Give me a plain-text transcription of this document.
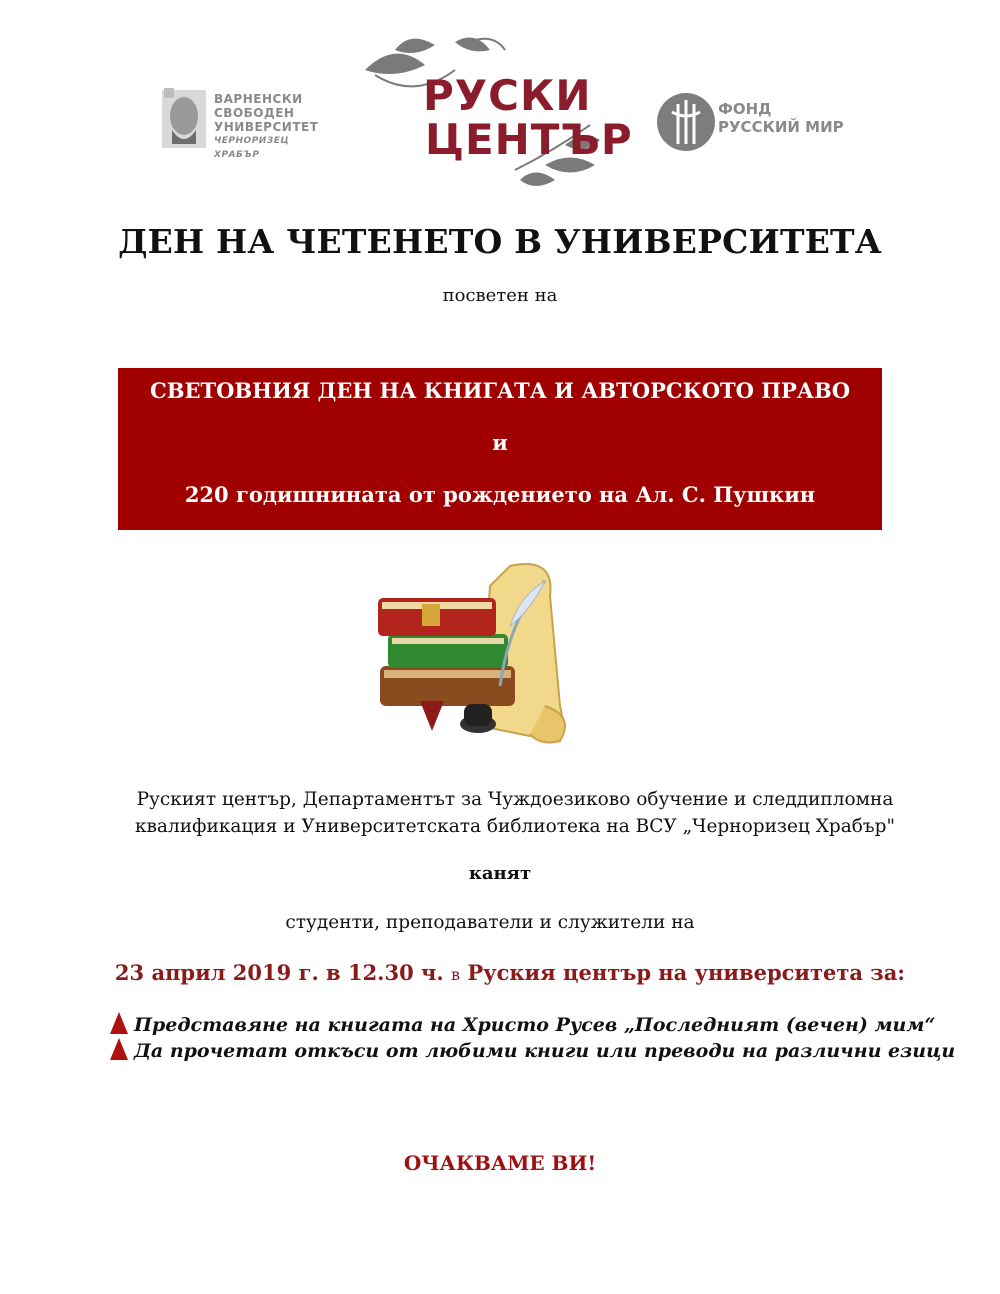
ВАРНЕНСКИ
СВОБОДЕН
УНИВЕРСИТЕТ
ЧЕРНОРИЗЕЦ ХРАБЪР
РУСКИ
ЦЕНТЪР
ФОНД
РУССКИЙ МИР
ДЕН НА ЧЕТЕНЕТО В УНИВЕРСИТЕТА
посветен на
СВЕТОВНИЯ ДЕН НА КНИГАТА И АВТОРСКОТО ПРАВО
и
220 годишнината от рождението на Ал. С. Пушкин
Руският център, Департаментът за Чуждоезиково обучение и следдипломна
квалификация и Университетската библиотека на ВСУ „Черноризец Храбър"
канят
студенти, преподаватели и служители на
23 април 2019 г. в 12.30 ч. в Руския център на университета за:
Представяне на книгата на Христо Русев „Последният (вечен) мим“
Да прочетат откъси от любими книги или преводи на различни езици
ОЧАКВАМЕ ВИ!
